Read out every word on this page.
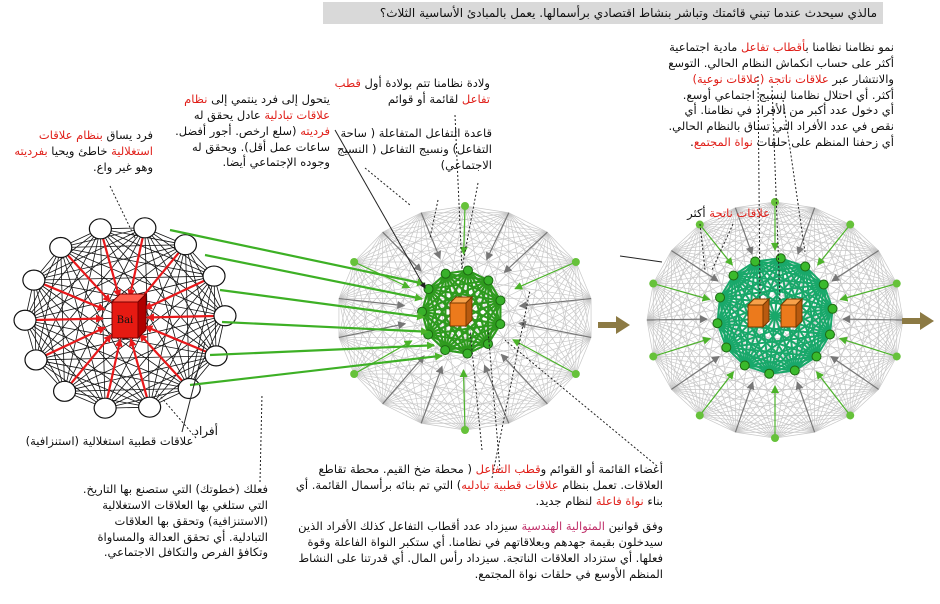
Bai
مالذي سيحدث عندما تبني قائمتك وتباشر بنشاط اقتصادي برأسمالها. يعمل بالمبادئ الأساسية الثلاث؟
فرد يساق بنظام علاقات استغلالية خاطئ ويحيا بفرديته وهو غير واع.
يتحول إلى فرد ينتمي إلى نظام علاقات تبادلية عادل يحقق له فرديته (سلع ارخص. أجور أفضل. ساعات عمل أقل). ويحقق له وجوده الإجتماعي أيضا.
ولادة نظامنا تتم بولادة أول قطب تفاعل لقائمة أو قوائم
قاعدة التفاعل المتفاعلة ( ساحة التفاعل) ونسيج التفاعل ( النسيج الاجتماعي)
نمو نظامنا نظامنا بأقطاب تفاعل مادية اجتماعية أكثر على حساب انكماش النظام الحالي. التوسع والانتشار عبر علاقات ناتجة (علاقات نوعية) أكثر. أي احتلال نظامنا لنسيج اجتماعي أوسع. أي دخول عدد أكبر من الأفراد في نظامنا. أي نقص في عدد الأفراد التي تساق بالنظام الحالي. أي زحفنا المنظم على حلقات نواة المجتمع.
علاقات ناتجة أكثر
أفراد
علاقات قطبية استغلالية (استنزافية)
فعلك (خطوتك) التي ستصنع بها التاريخ. التي ستلغي بها العلاقات الاستغلالية (الاستنزافية) وتحقق بها العلاقات التبادلية. أي تحقق العدالة والمساواة وتكافؤ الفرص والتكافل الاجتماعي.
أعضاء القائمة أو القوائم وقطب التفاعل ( محطة ضخ القيم. محطة تقاطع العلاقات. تعمل بنظام علاقات قطبية تبادليه) التي تم بنائه برأسمال القائمة. أي بناء نواة فاعلة لنظام جديد.
وفق قوانين المتوالية الهندسية سيزداد عدد أقطاب التفاعل كذلك الأفراد الذين سيدخلون بقيمة جهدهم وبعلاقاتهم في نظامنا. أي ستكبر النواة الفاعلة وقوة فعلها. أي ستزداد العلاقات الناتجة. سيزداد رأس المال. أي قدرتنا على النشاط المنظم الأوسع في حلقات نواة المجتمع.
